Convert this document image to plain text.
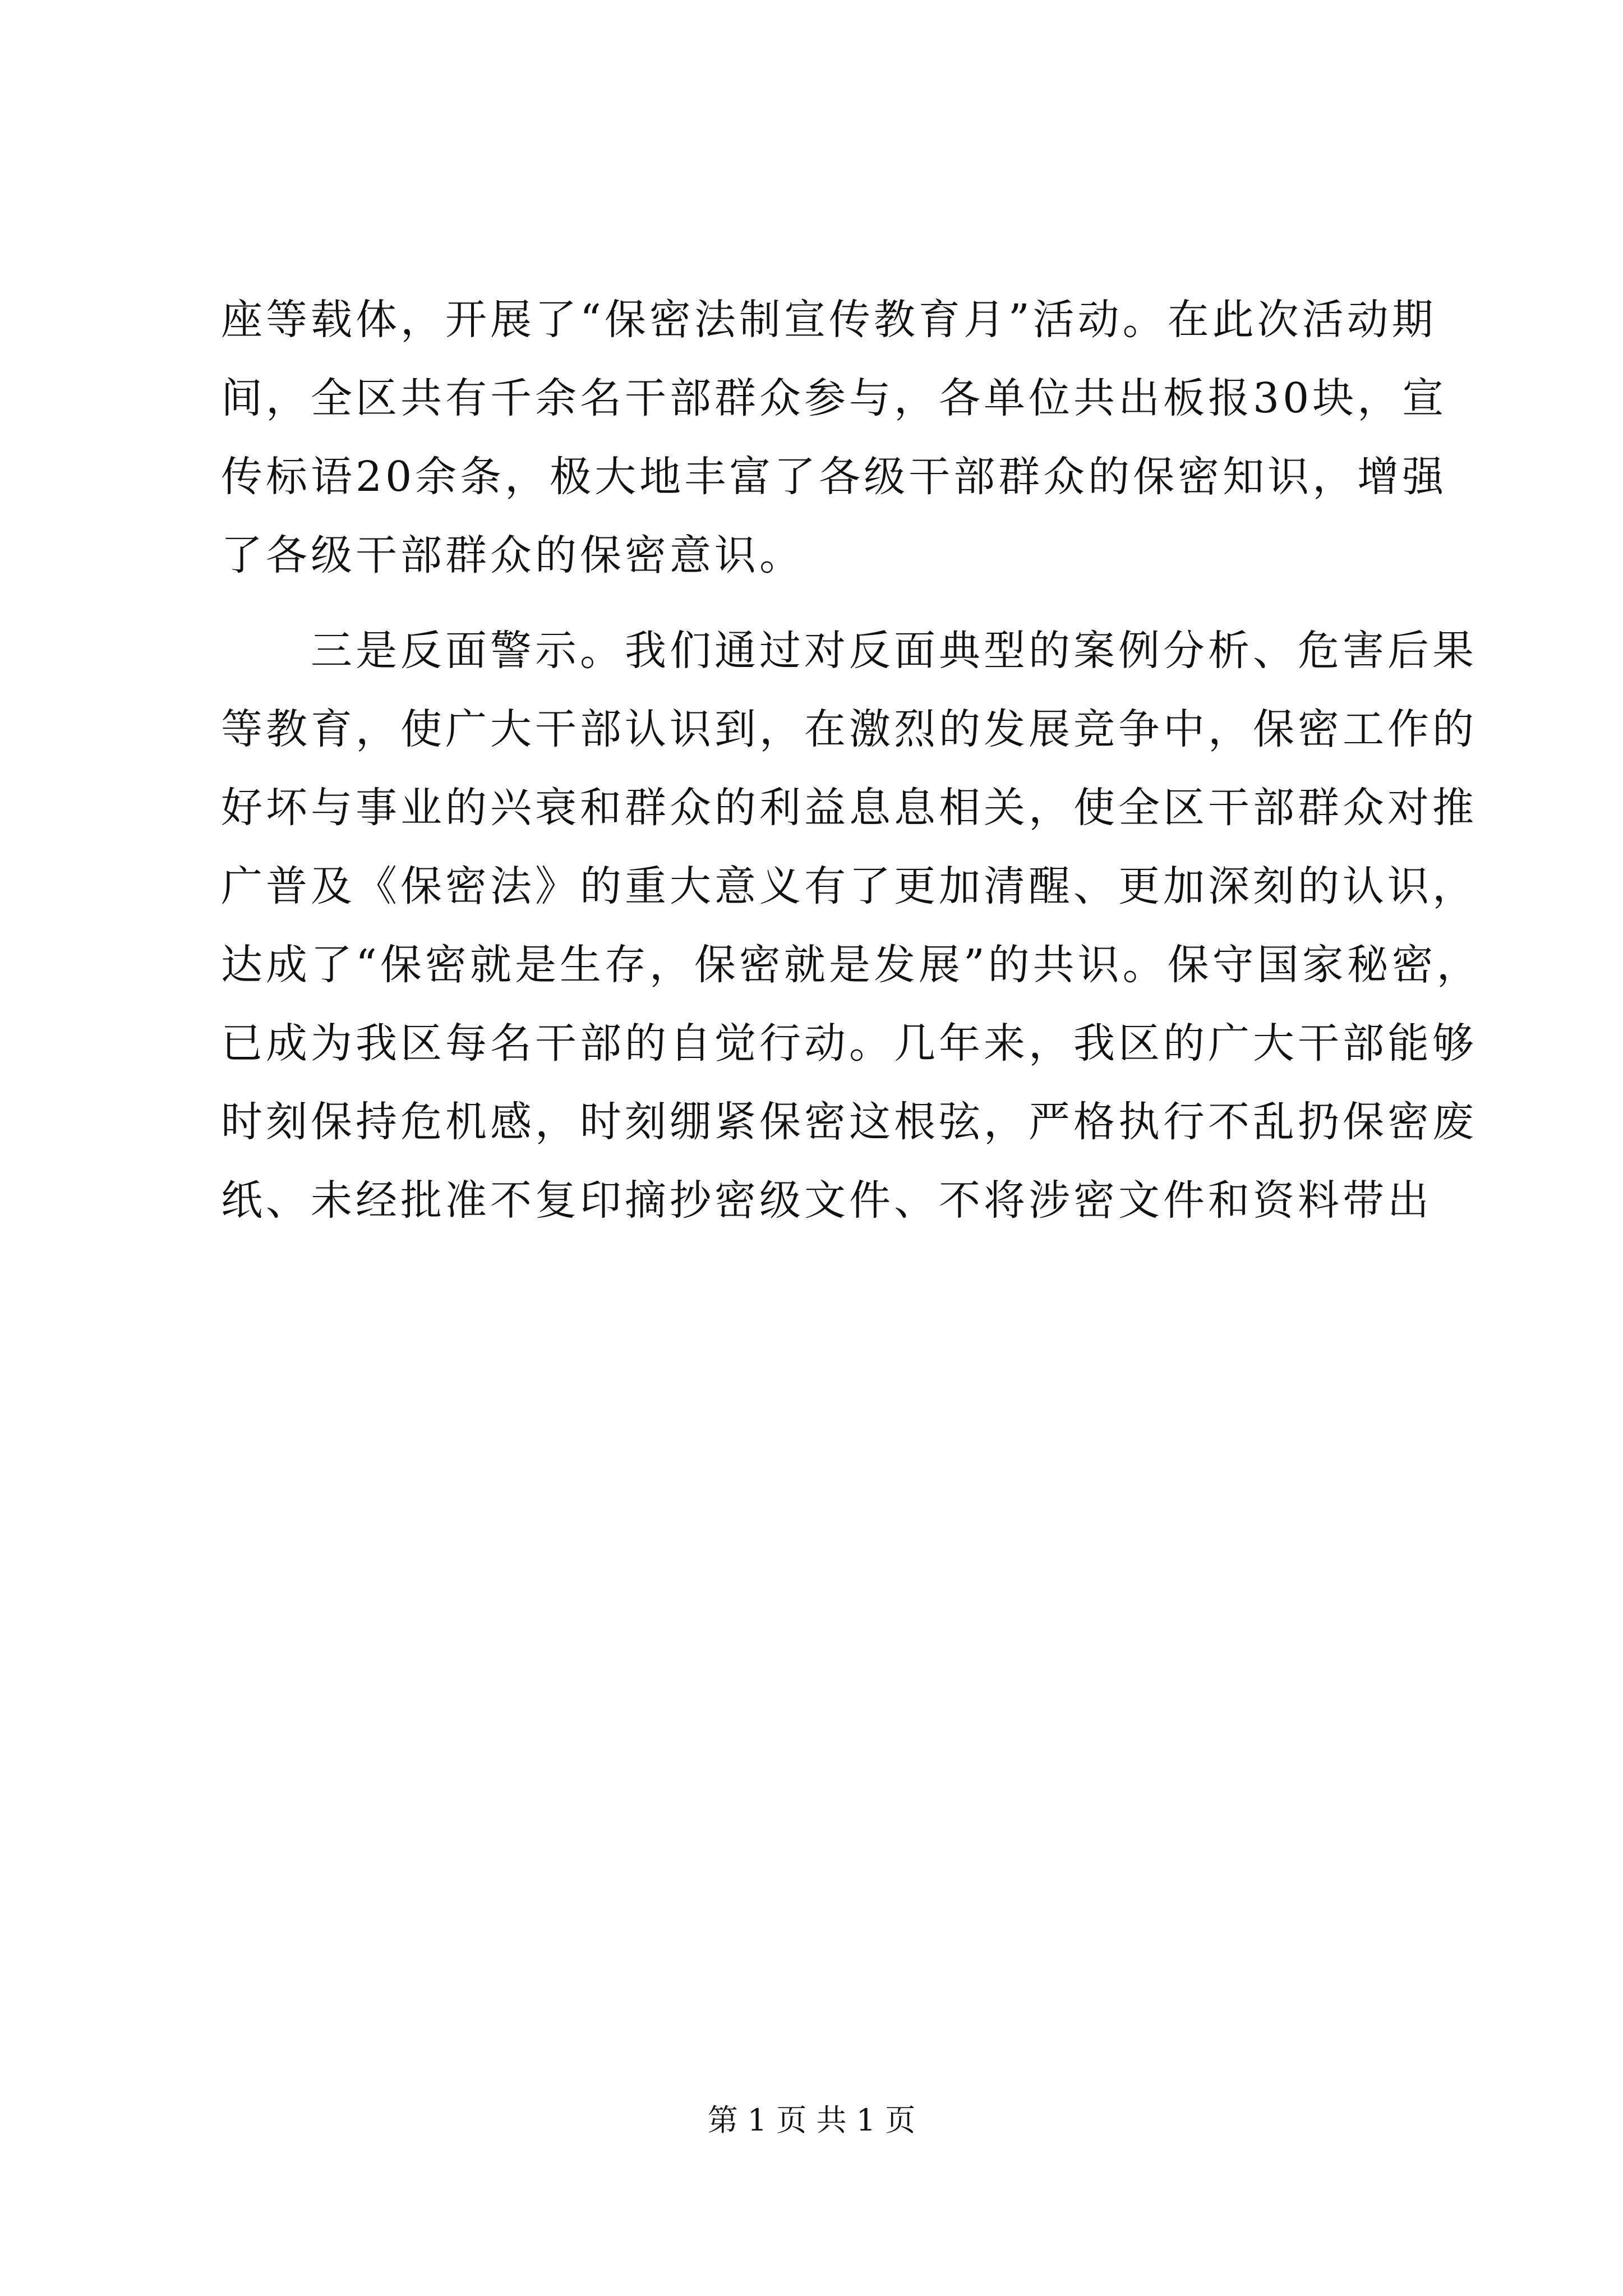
座等载体，开展了“保密法制宣传教育月”活动。在此次活动期
间，全区共有千余名干部群众参与，各单位共出板报30块，宣
传标语20余条，极大地丰富了各级干部群众的保密知识，增强
了各级干部群众的保密意识。
三是反面警示。我们通过对反面典型的案例分析、危害后果
等教育，使广大干部认识到，在激烈的发展竞争中，保密工作的
好坏与事业的兴衰和群众的利益息息相关，使全区干部群众对推
广普及《保密法》的重大意义有了更加清醒、更加深刻的认识，
达成了“保密就是生存，保密就是发展”的共识。保守国家秘密，
已成为我区每名干部的自觉行动。几年来，我区的广大干部能够
时刻保持危机感，时刻绷紧保密这根弦，严格执行不乱扔保密废
纸、未经批准不复印摘抄密级文件、不将涉密文件和资料带出
第 1 页 共 1 页
